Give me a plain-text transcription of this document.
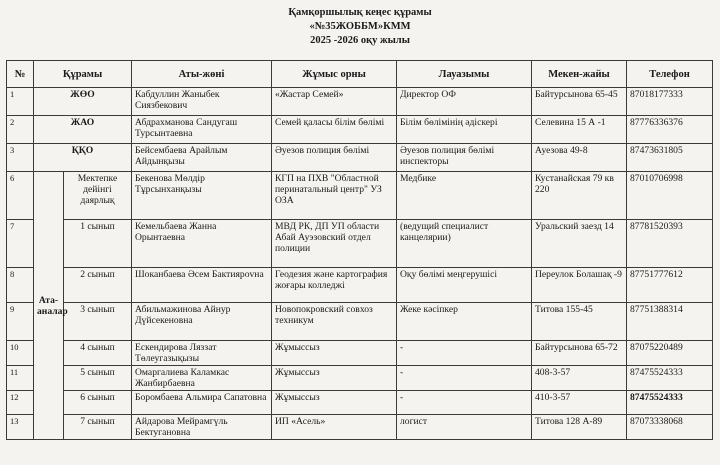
Қамқоршылық кеңес құрамы
«№35ЖОББМ»КММ
2025 -2026 оқу жылы
№	Құрамы		Аты-жөні	Жұмыс орны	Лауазымы	Мекен-жайы	Телефон
1	ЖӨО		Кабдуллин Жаныбек Сиязбекович	«Жастар Семей»	Директор ОФ	Байтурсынова 65-45	87018177333
2	ЖАО		Абдрахманова Сандугаш Турсынтаевна	Семей қаласы білім бөлімі	Білім бөлімінің әдіскері	Селевина 15 А -1	87776336376
3	ҚҚО		Бейсембаева Арайлым Айдынқызы	Әуезов полиция бөлімі	Әуезов полиция бөлімі инспекторы	Ауезова 49-8	87473631805
6	Ата-аналар	Мектепке дейінгі даярлық	Бекенова Мөлдір Тұрсынханқызы	КГП на ПХВ "Областной перинатальный центр" УЗ ОЗА	Медбике	Кустанайская 79 кв 220	87010706998
7		1 сынып	Кемельбаева Жанна Орынтаевна	МВД РК, ДП УП области Абай Ауэзовский отдел полиции	(ведущий специалист канцелярии)	Уральский заезд 14	87781520393
8		2 сынып	Шоканбаева Әсем Бактиярovна	Геодезия және картография жоғары колледжі	Оқу бөлімі меңгерушісі	Переулок Болашақ -9	87751777612
9		3 сынып	Абильмажинова Айнур Дүйсекеновна	Новопокровский совхоз техникум	Жеке кәсіпкер	Титова 155-45	87751388314
10		4 сынып	Ескендирова Ляззат Төлеугазықызы	Жұмыссыз	-	Байтурсынова 65-72	87075220489
11		5 сынып	Омаргалиева Каламкас Жанбирбаевна	Жұмыссыз	-	408-3-57	87475524333
12		6 сынып	Боромбаева Альмира Сапатовна	Жұмыссыз	-	410-3-57	87475524333
13		7 сынып	Айдарова Мейрамгүль Бектугановна	ИП «Асель»	логист	Титова 128 А-89	87073338068
